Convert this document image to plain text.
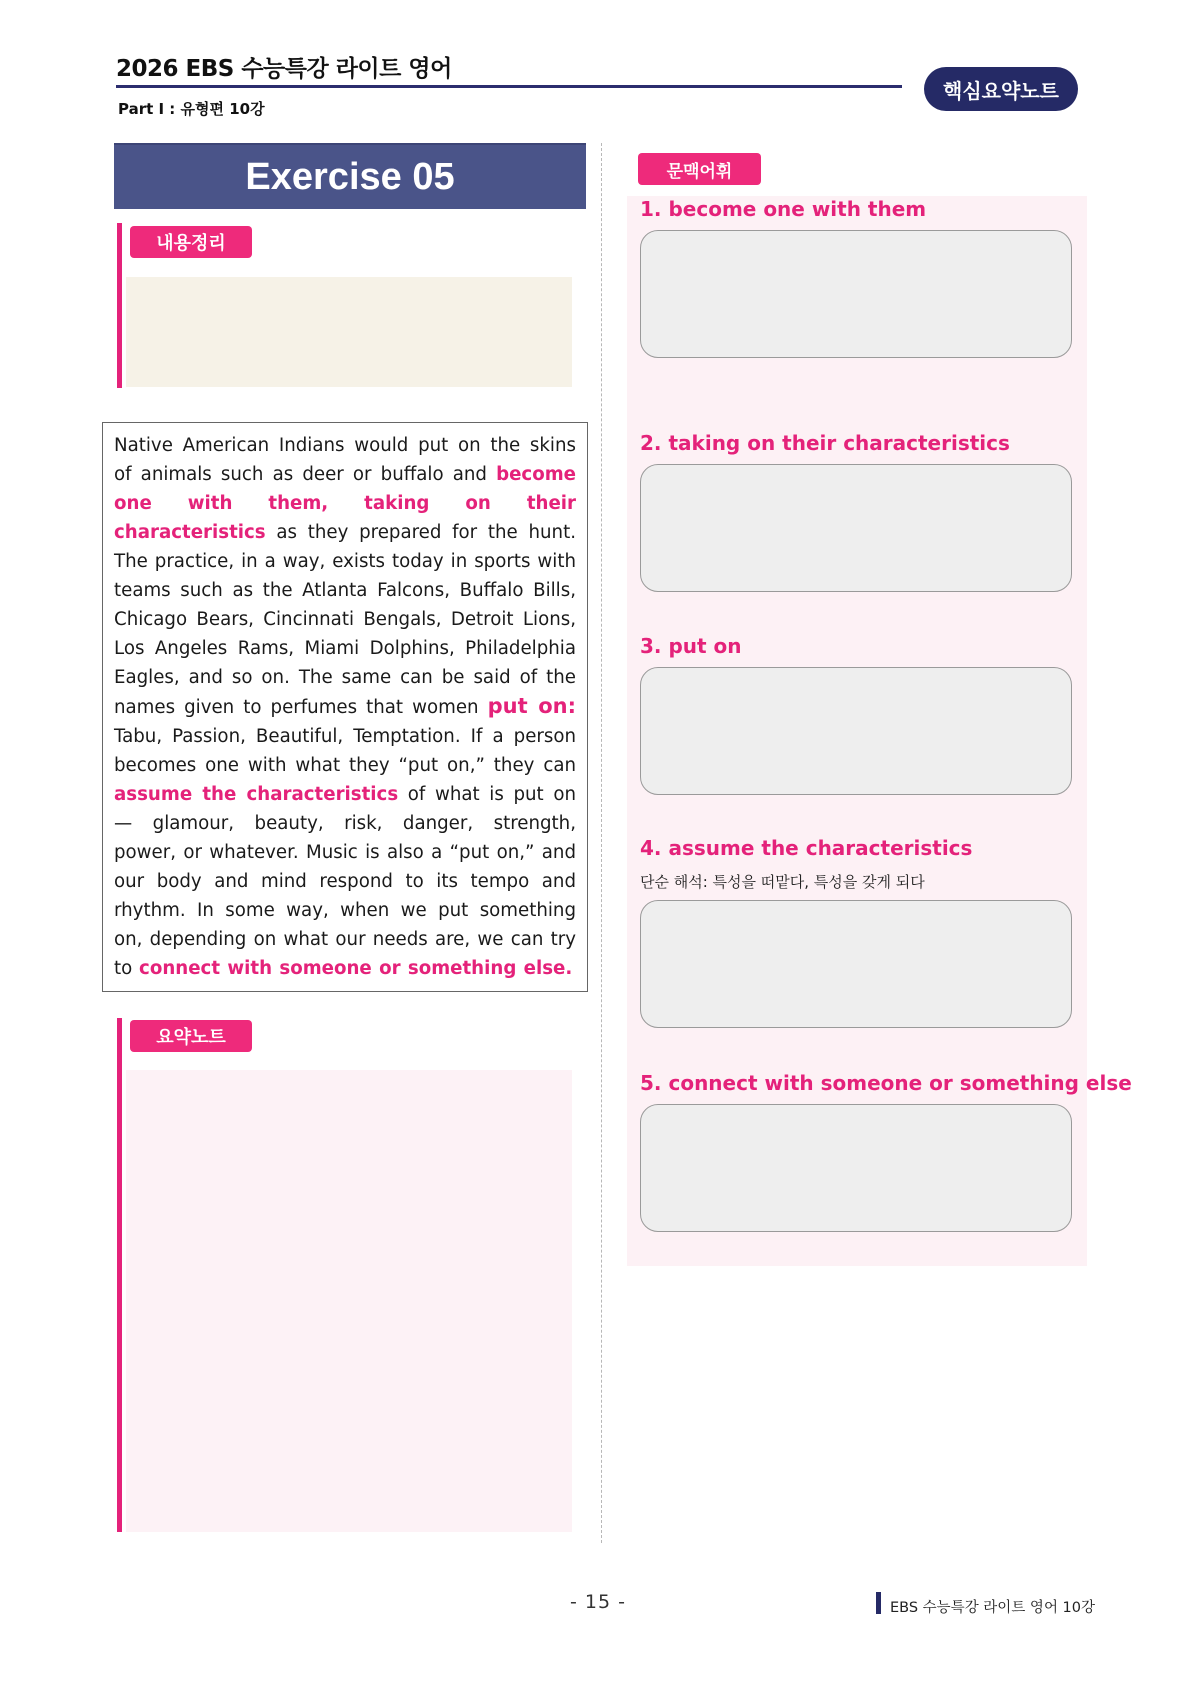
2026 EBS 수능특강 라이트 영어
Part Ⅰ : 유형편 10강
핵심요약노트
Exercise 05
내용정리

Native American Indians would put on the skins of animals such as deer or buffalo and become one with them, taking on their characteristics as they prepared for the hunt. The practice, in a way, exists today in sports with teams such as the Atlanta Falcons, Buffalo Bills, Chicago Bears, Cincinnati Bengals, Detroit Lions, Los Angeles Rams, Miami Dolphins, Philadelphia Eagles, and so on. The same can be said of the names given to perfumes that women put on: Tabu, Passion, Beautiful, Temptation. If a person becomes one with what they “put on,” they can assume the characteristics of what is put on — glamour, beauty, risk, danger, strength, power, or whatever. Music is also a “put on,” and our body and mind respond to its tempo and rhythm. In some way, when we put something on, depending on what our needs are, we can try to connect with someone or something else.

요약노트
문맥어휘
1. become one with them
2. taking on their characteristics
3. put on
4. assume the characteristics
단순 해석: 특성을 떠맡다, 특성을 갖게 되다
5. connect with someone or something else
- 15 -	EBS 수능특강 라이트 영어 10강
